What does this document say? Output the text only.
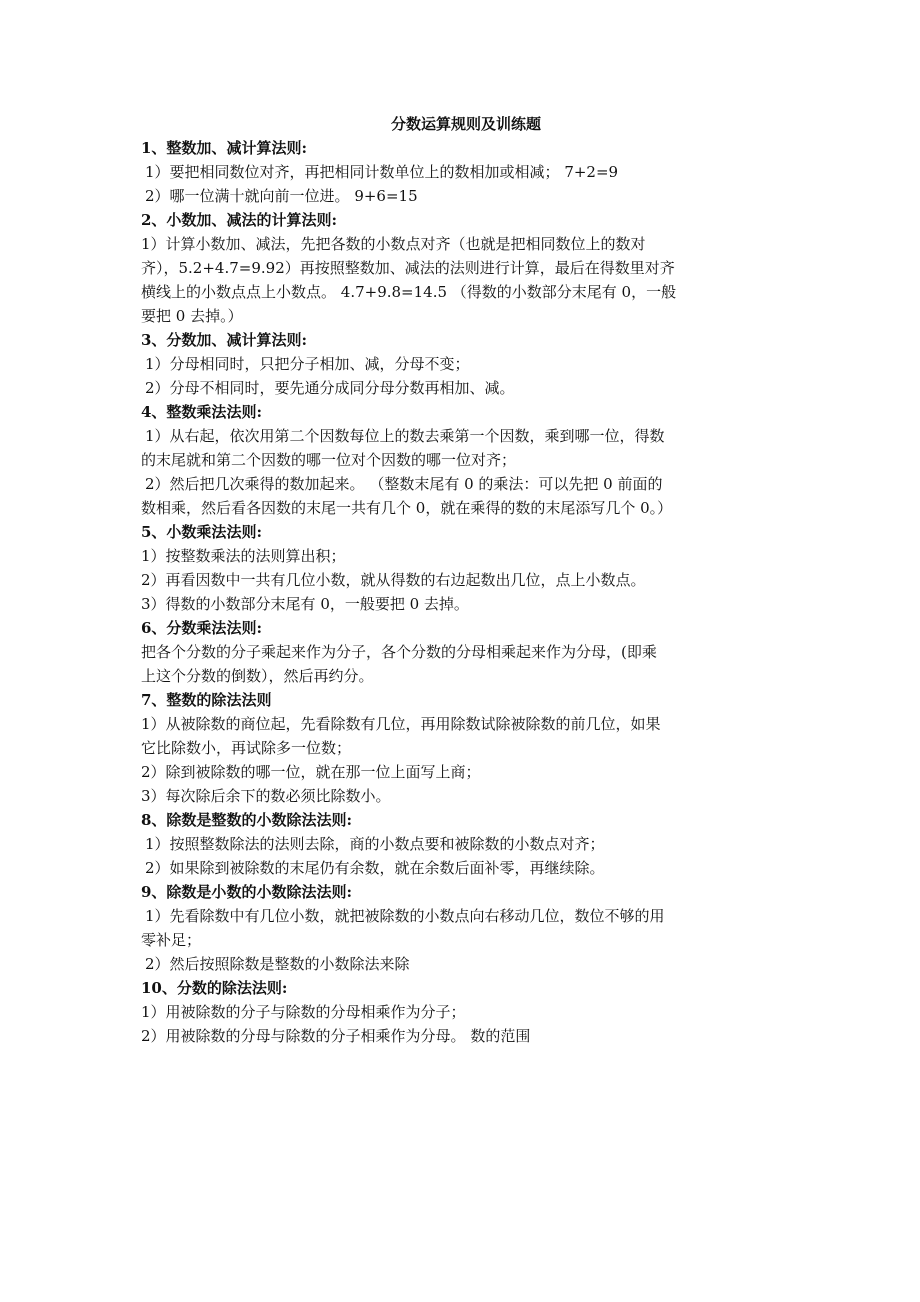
分数运算规则及训练题
1、整数加、减计算法则:
1）要把相同数位对齐，再把相同计数单位上的数相加或相减； 7+2=9
2）哪一位满十就向前一位进。 9+6=15
2、小数加、减法的计算法则:
1）计算小数加、减法，先把各数的小数点对齐（也就是把相同数位上的数对
齐），5.2+4.7=9.92）再按照整数加、减法的法则进行计算，最后在得数里对齐
横线上的小数点点上小数点。 4.7+9.8=14.5 （得数的小数部分末尾有 0，一般
要把 0 去掉。）
3、分数加、减计算法则:
1）分母相同时，只把分子相加、减，分母不变；
2）分母不相同时，要先通分成同分母分数再相加、减。
4、整数乘法法则:
1）从右起，依次用第二个因数每位上的数去乘第一个因数，乘到哪一位，得数
的末尾就和第二个因数的哪一位对个因数的哪一位对齐；
2）然后把几次乘得的数加起来。 （整数末尾有 0 的乘法：可以先把 0 前面的
数相乘，然后看各因数的末尾一共有几个 0，就在乘得的数的末尾添写几个 0。）
5、小数乘法法则:
1）按整数乘法的法则算出积；
2）再看因数中一共有几位小数，就从得数的右边起数出几位，点上小数点。
3）得数的小数部分末尾有 0，一般要把 0 去掉。
6、分数乘法法则:
把各个分数的分子乘起来作为分子，各个分数的分母相乘起来作为分母，(即乘
上这个分数的倒数），然后再约分。
7、整数的除法法则
1）从被除数的商位起，先看除数有几位，再用除数试除被除数的前几位，如果
它比除数小，再试除多一位数；
2）除到被除数的哪一位，就在那一位上面写上商；
3）每次除后余下的数必须比除数小。
8、除数是整数的小数除法法则:
1）按照整数除法的法则去除，商的小数点要和被除数的小数点对齐；
2）如果除到被除数的末尾仍有余数，就在余数后面补零，再继续除。
9、除数是小数的小数除法法则:
1）先看除数中有几位小数，就把被除数的小数点向右移动几位，数位不够的用
零补足；
2）然后按照除数是整数的小数除法来除
10、分数的除法法则:
1）用被除数的分子与除数的分母相乘作为分子；
2）用被除数的分母与除数的分子相乘作为分母。 数的范围
